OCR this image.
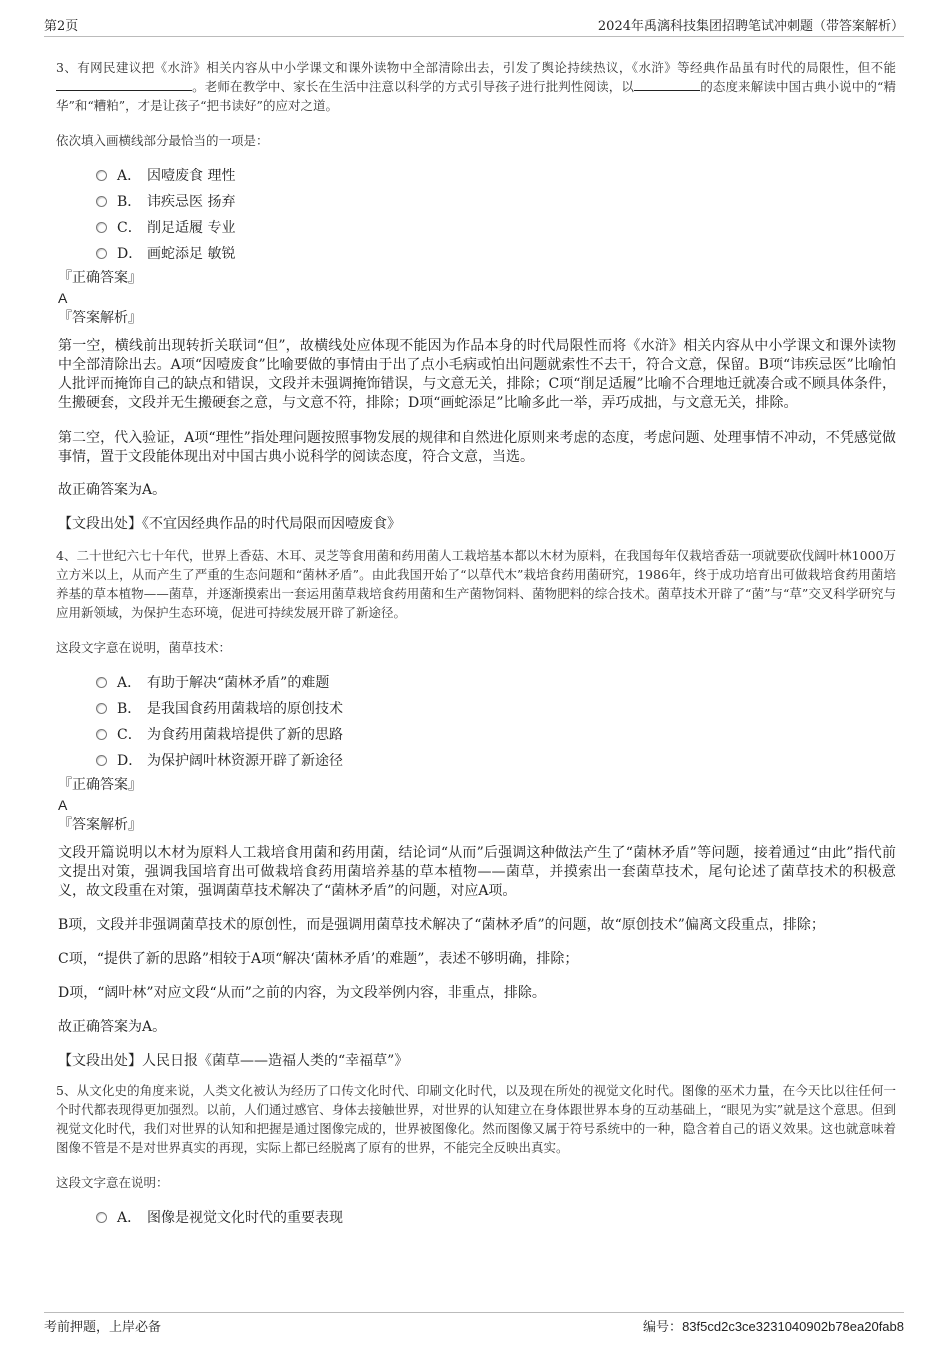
第2页	2024年禹漓科技集团招聘笔试冲刺题（带答案解析）

3、有网民建议把《水浒》相关内容从中小学课文和课外读物中全部清除出去，引发了舆论持续热议，《水浒》等经典作品虽有时代的局限性，但不能。老师在教学中、家长在生活中注意以科学的方式引导孩子进行批判性阅读，以	的态度来解读中国古典小说中的“精华”和“糟粕”，才是让孩子“把书读好”的应对之道。

依次填入画横线部分最恰当的一项是：
A． 因噎废食 理性
B． 讳疾忌医 扬弃
C． 削足适履 专业
D． 画蛇添足 敏锐
『正确答案』
A
『答案解析』

第一空，横线前出现转折关联词“但”，故横线处应体现不能因为作品本身的时代局限性而将《水浒》相关内容从中小学课文和课外读物中全部清除出去。A项“因噎废食”比喻要做的事情由于出了点小毛病或怕出问题就索性不去干，符合文意，保留。B项“讳疾忌医”比喻怕人批评而掩饰自己的缺点和错误，文段并未强调掩饰错误，与文意无关，排除；C项“削足适履”比喻不合理地迁就凑合或不顾具体条件，生搬硬套，文段并无生搬硬套之意，与文意不符，排除；D项“画蛇添足”比喻多此一举，弄巧成拙，与文意无关，排除。

第二空，代入验证，A项“理性”指处理问题按照事物发展的规律和自然进化原则来考虑的态度，考虑问题、处理事情不冲动，不凭感觉做事情，置于文段能体现出对中国古典小说科学的阅读态度，符合文意，当选。

故正确答案为A。

【文段出处】《不宜因经典作品的时代局限而因噎废食》

4、二十世纪六七十年代，世界上香菇、木耳、灵芝等食用菌和药用菌人工栽培基本都以木材为原料，在我国每年仅栽培香菇一项就要砍伐阔叶林1000万立方米以上，从而产生了严重的生态问题和“菌林矛盾”。由此我国开始了“以草代木”栽培食药用菌研究，1986年，终于成功培育出可做栽培食药用菌培养基的草本植物——菌草，并逐渐摸索出一套运用菌草栽培食药用菌和生产菌物饲料、菌物肥料的综合技术。菌草技术开辟了“菌”与“草”交叉科学研究与应用新领域，为保护生态环境，促进可持续发展开辟了新途径。

这段文字意在说明，菌草技术：
A． 有助于解决“菌林矛盾”的难题
B． 是我国食药用菌栽培的原创技术
C． 为食药用菌栽培提供了新的思路
D． 为保护阔叶林资源开辟了新途径
『正确答案』
A
『答案解析』

文段开篇说明以木材为原料人工栽培食用菌和药用菌，结论词“从而”后强调这种做法产生了“菌林矛盾”等问题，接着通过“由此”指代前文提出对策，强调我国培育出可做栽培食药用菌培养基的草本植物——菌草，并摸索出一套菌草技术，尾句论述了菌草技术的积极意义，故文段重在对策，强调菌草技术解决了“菌林矛盾”的问题，对应A项。

B项，文段并非强调菌草技术的原创性，而是强调用菌草技术解决了“菌林矛盾”的问题，故“原创技术”偏离文段重点，排除；

C项，“提供了新的思路”相较于A项“解决‘菌林矛盾’的难题”，表述不够明确，排除；

D项，“阔叶林”对应文段“从而”之前的内容，为文段举例内容，非重点，排除。

故正确答案为A。

【文段出处】人民日报《菌草——造福人类的“幸福草”》

5、从文化史的角度来说，人类文化被认为经历了口传文化时代、印刷文化时代，以及现在所处的视觉文化时代。图像的巫术力量，在今天比以往任何一个时代都表现得更加强烈。以前，人们通过感官、身体去接触世界，对世界的认知建立在身体跟世界本身的互动基础上，“眼见为实”就是这个意思。但到视觉文化时代，我们对世界的认知和把握是通过图像完成的，世界被图像化。然而图像又属于符号系统中的一种，隐含着自己的语义效果。这也就意味着图像不管是不是对世界真实的再现，实际上都已经脱离了原有的世界，不能完全反映出真实。

这段文字意在说明：
A． 图像是视觉文化时代的重要表现
考前押题，上岸必备	编号：83f5cd2c3ce3231040902b78ea20fab8
